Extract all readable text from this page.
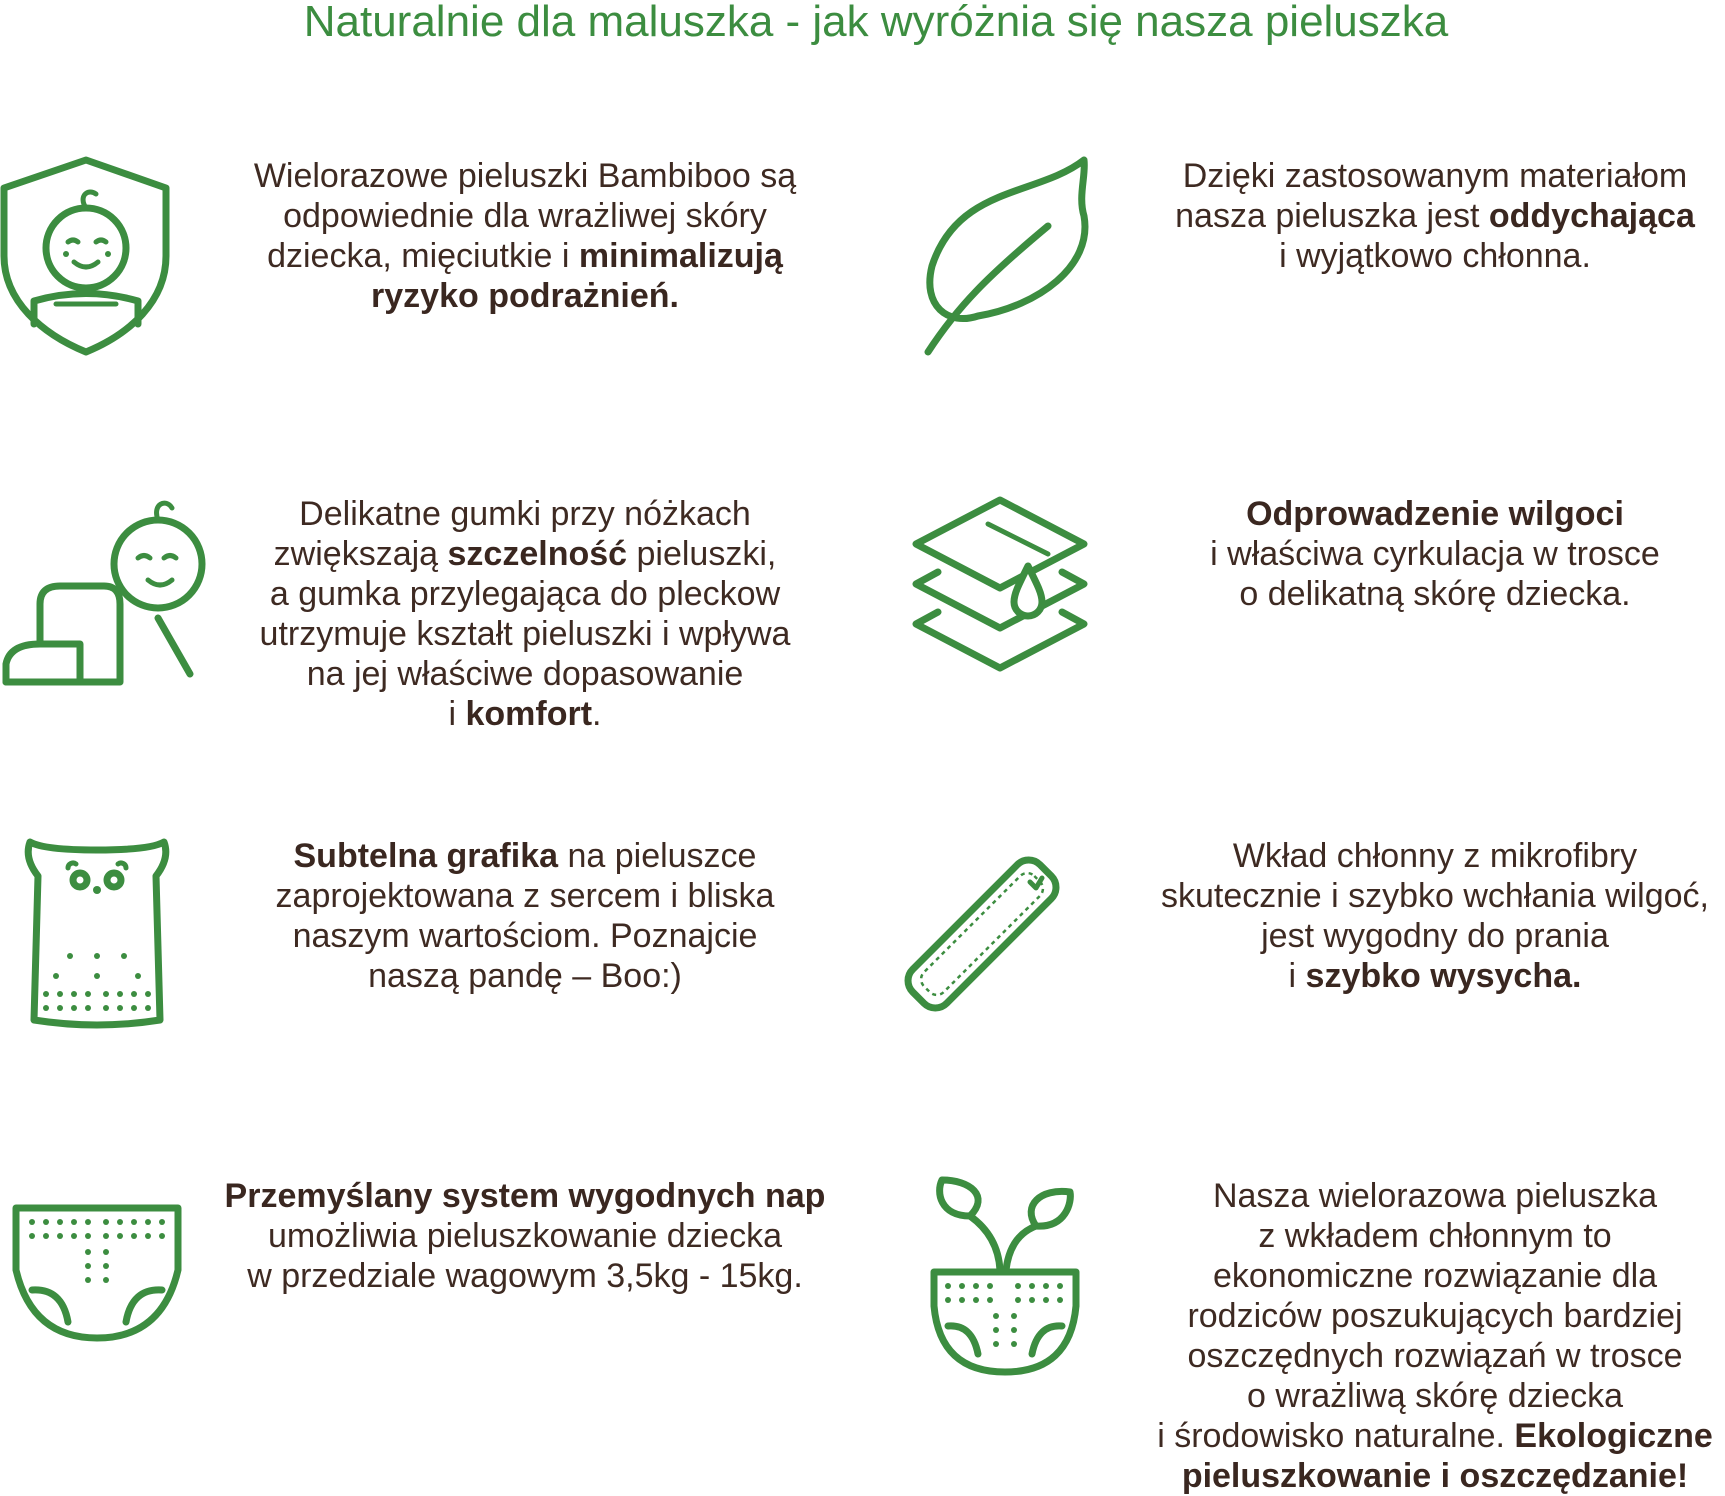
Naturalnie dla maluszka - jak wyróżnia się nasza pieluszka
Wielorazowe pieluszki Bambiboo są
odpowiednie dla wrażliwej skóry
dziecka, mięciutkie i minimalizują
ryzyko podrażnień.
Dzięki zastosowanym materiałom
nasza pieluszka jest oddychająca
i wyjątkowo chłonna.
Delikatne gumki przy nóżkach
zwiększają szczelność pieluszki,
a gumka przylegająca do pleckow
utrzymuje kształt pieluszki i wpływa
na jej właściwe dopasowanie
i komfort.
Odprowadzenie wilgoci
i właściwa cyrkulacja w trosce
o delikatną skórę dziecka.
Subtelna grafika na pieluszce
zaprojektowana z sercem i bliska
naszym wartościom. Poznajcie
naszą pandę – Boo:)
Wkład chłonny z mikrofibry
skutecznie i szybko wchłania wilgoć,
jest wygodny do prania
i szybko wysycha.
Przemyślany system wygodnych nap
umożliwia pieluszkowanie dziecka
w przedziale wagowym 3,5kg - 15kg.
Nasza wielorazowa pieluszka
z wkładem chłonnym to
ekonomiczne rozwiązanie dla
rodziców poszukujących bardziej
oszczędnych rozwiązań w trosce
o wrażliwą skórę dziecka
i środowisko naturalne. Ekologiczne
pieluszkowanie i oszczędzanie!
